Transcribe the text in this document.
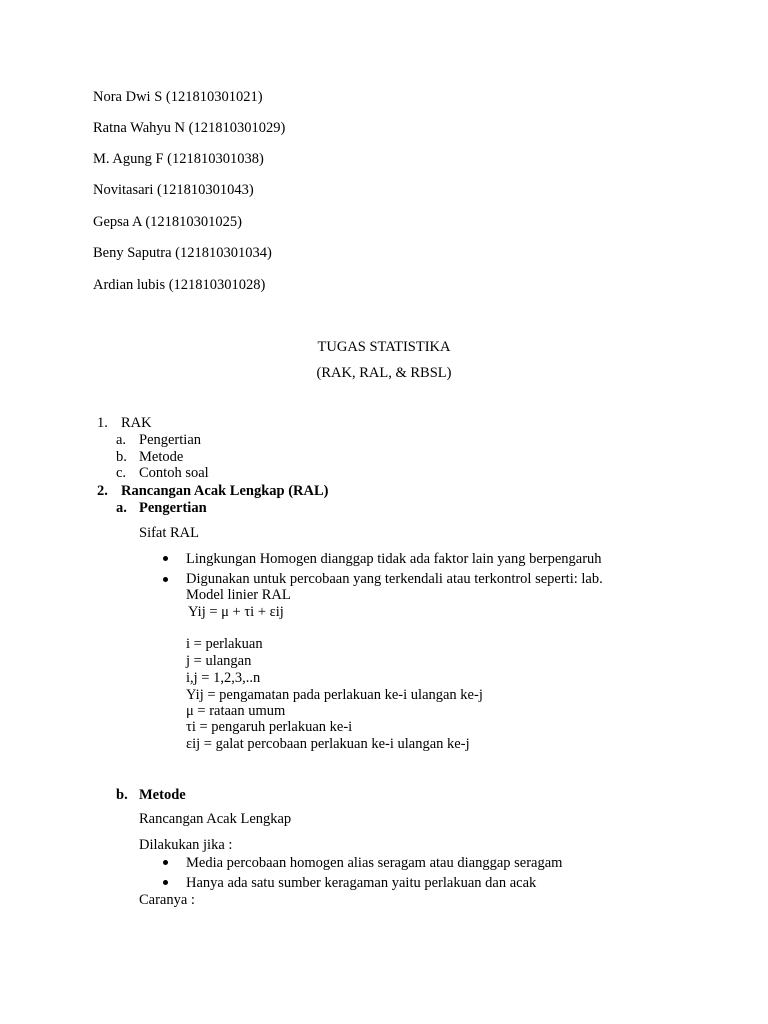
Nora Dwi S (121810301021)
Ratna Wahyu N (121810301029)
M. Agung F (121810301038)
Novitasari (121810301043)
Gepsa A (121810301025)
Beny Saputra (121810301034)
Ardian lubis (121810301028)
TUGAS STATISTIKA
(RAK, RAL, & RBSL)
1. RAK
a. Pengertian
b. Metode
c. Contoh soal
2. Rancangan Acak Lengkap (RAL)
a. Pengertian
Sifat RAL
Lingkungan Homogen dianggap tidak ada faktor lain yang berpengaruh
Digunakan untuk percobaan yang terkendali atau terkontrol seperti: lab.
Model linier RAL
Yij = μ + τi + εij
i = perlakuan
j = ulangan
i,j = 1,2,3,..n
Yij = pengamatan pada perlakuan ke-i ulangan ke-j
μ = rataan umum
τi = pengaruh perlakuan ke-i
εij = galat percobaan perlakuan ke-i ulangan ke-j
b. Metode
Rancangan Acak Lengkap
Dilakukan jika :
Media percobaan homogen alias seragam atau dianggap seragam
Hanya ada satu sumber keragaman yaitu perlakuan dan acak
Caranya :
